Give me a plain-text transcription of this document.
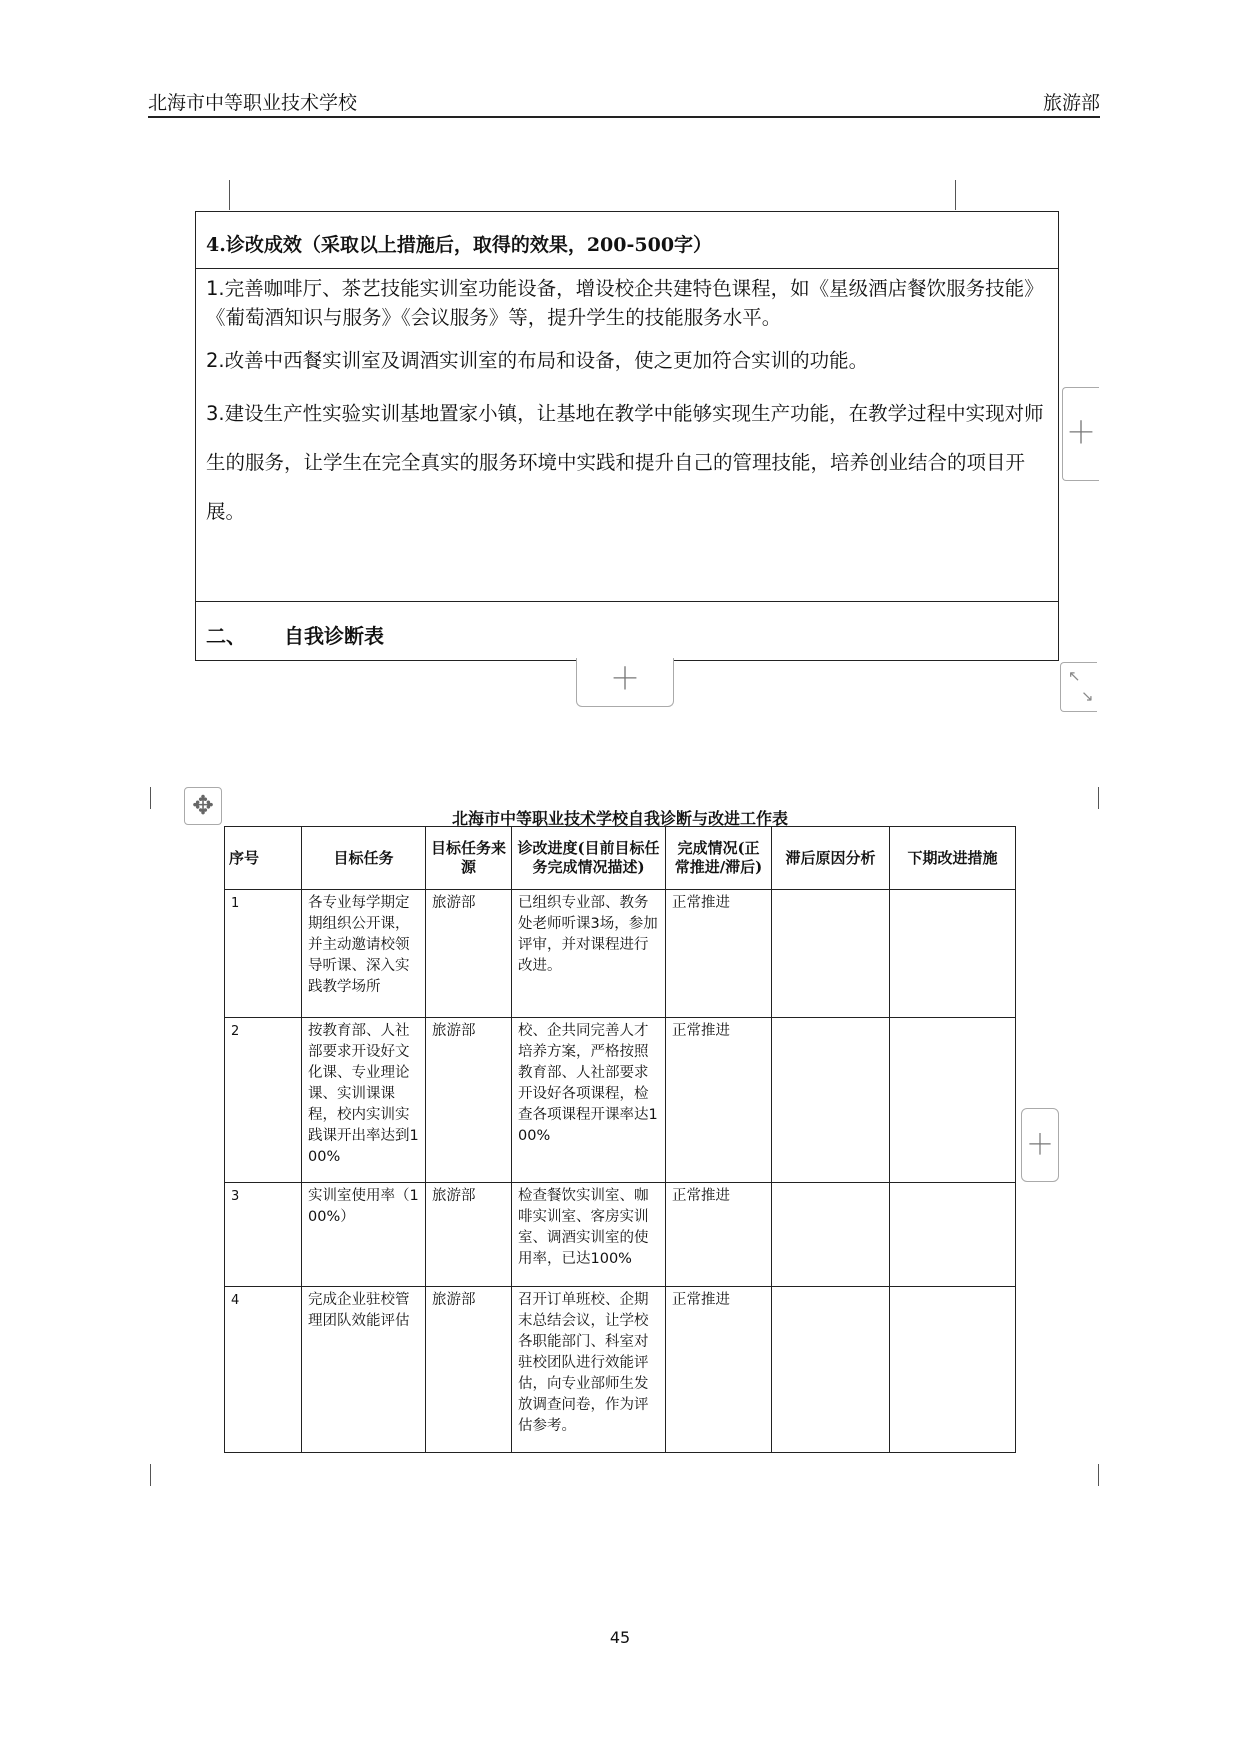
北海市中等职业技术学校	旅游部
4.诊改成效（采取以上措施后，取得的效果，200-500字）

1.完善咖啡厅、茶艺技能实训室功能设备，增设校企共建特色课程，如《星级酒店餐饮服务技能》《葡萄酒知识与服务》《会议服务》等，提升学生的技能服务水平。

2.改善中西餐实训室及调酒实训室的布局和设备，使之更加符合实训的功能。

3.建设生产性实验实训基地置家小镇，让基地在教学中能够实现生产功能，在教学过程中实现对师生的服务，让学生在完全真实的服务环境中实践和提升自己的管理技能，培养创业结合的项目开展。

二、 自我诊断表
＋
＋	↖
↘
✥	北海市中等职业技术学校自我诊断与改进工作表
序号	目标任务	目标任务来源	诊改进度(目前目标任务完成情况描述)	完成情况(正常推进/滞后)	滞后原因分析	下期改进措施
1	各专业每学期定期组织公开课，并主动邀请校领导听课、深入实践教学场所	旅游部	已组织专业部、教务处老师听课3场，参加评审，并对课程进行改进。	正常推进		
2	按教育部、人社部要求开设好文化课、专业理论课、实训课课程，校内实训实践课开出率达到100%	旅游部	校、企共同完善人才培养方案，严格按照教育部、人社部要求开设好各项课程，检查各项课程开课率达100%	正常推进		
3	实训室使用率（100%）	旅游部	检查餐饮实训室、咖啡实训室、客房实训室、调酒实训室的使用率，已达100%	正常推进		
4	完成企业驻校管理团队效能评估	旅游部	召开订单班校、企期末总结会议，让学校各职能部门、科室对驻校团队进行效能评估，向专业部师生发放调查问卷，作为评估参考。	正常推进		
＋
45
